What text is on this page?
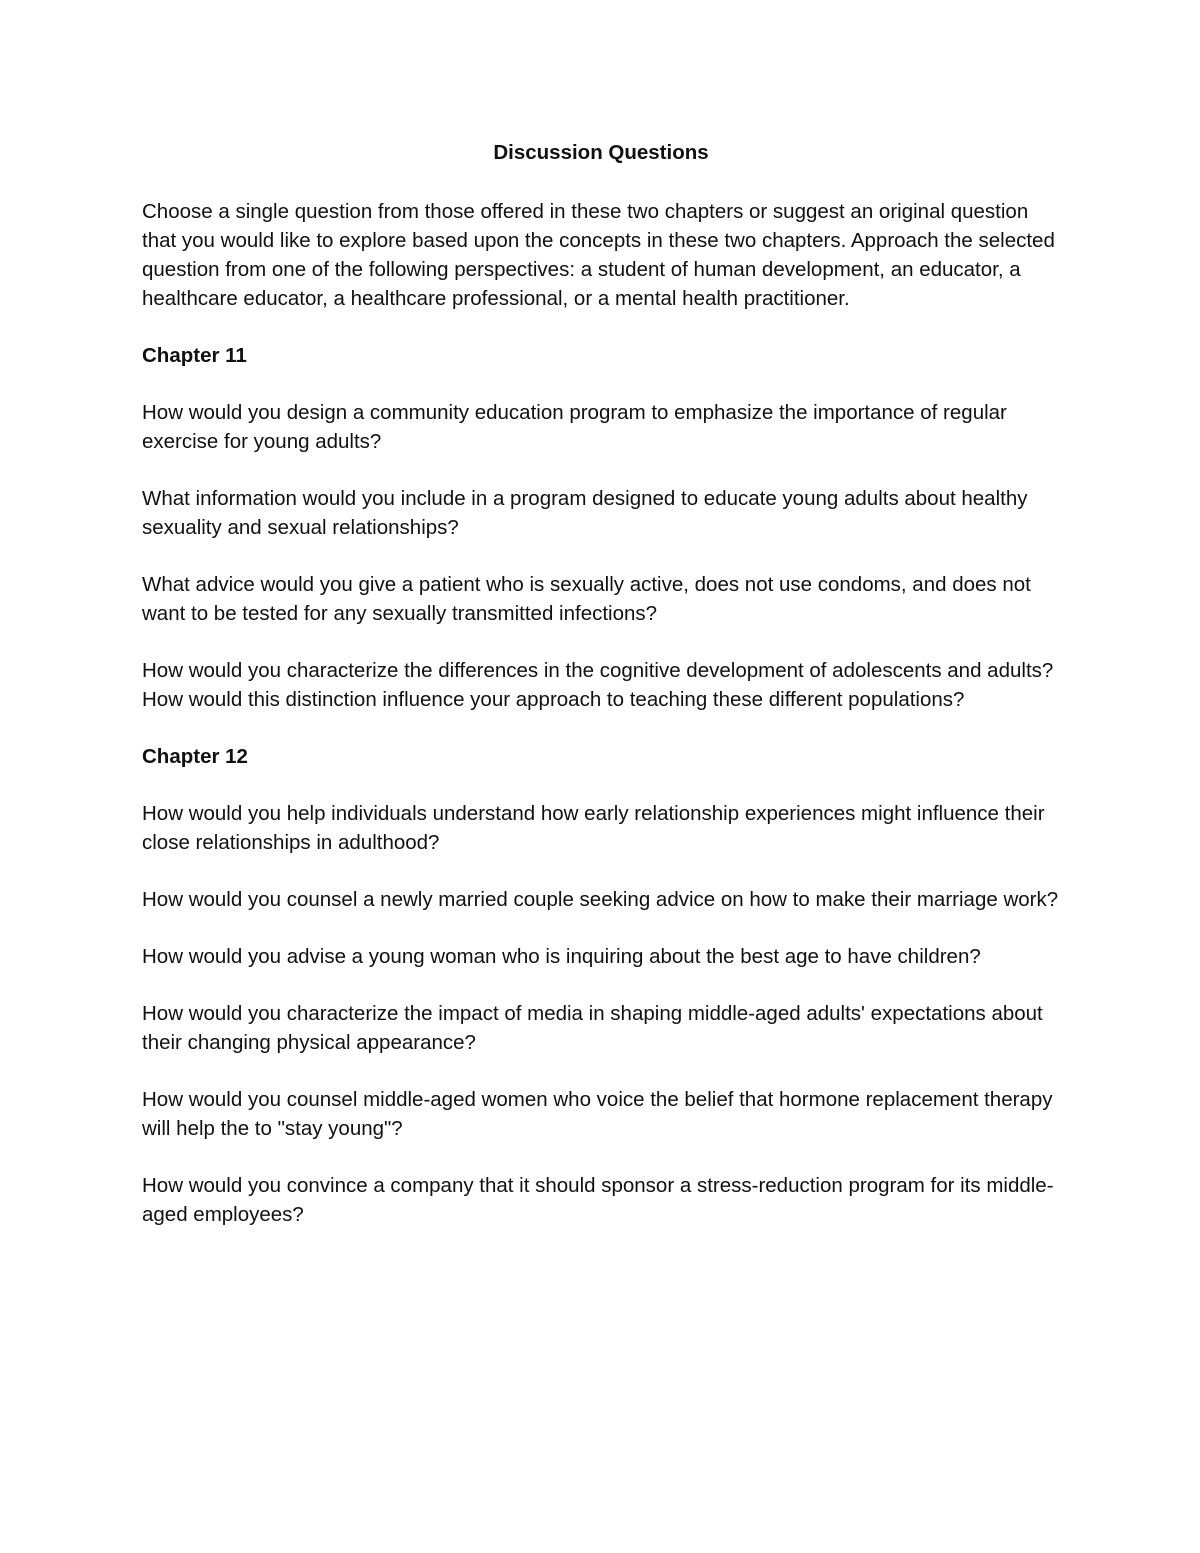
Discussion Questions

Choose a single question from those offered in these two chapters or suggest an original question that you would like to explore based upon the concepts in these two chapters. Approach the selected question from one of the following perspectives: a student of human development, an educator, a healthcare educator, a healthcare professional, or a mental health practitioner.

Chapter 11

How would you design a community education program to emphasize the importance of regular exercise for young adults?

What information would you include in a program designed to educate young adults about healthy sexuality and sexual relationships?

What advice would you give a patient who is sexually active, does not use condoms, and does not want to be tested for any sexually transmitted infections?

How would you characterize the differences in the cognitive development of adolescents and adults? How would this distinction influence your approach to teaching these different populations?

Chapter 12

How would you help individuals understand how early relationship experiences might influence their close relationships in adulthood?

How would you counsel a newly married couple seeking advice on how to make their marriage work?

How would you advise a young woman who is inquiring about the best age to have children?

How would you characterize the impact of media in shaping middle-aged adults' expectations about their changing physical appearance?

How would you counsel middle-aged women who voice the belief that hormone replacement therapy will help the to "stay young"?

How would you convince a company that it should sponsor a stress-reduction program for its middle-aged employees?
